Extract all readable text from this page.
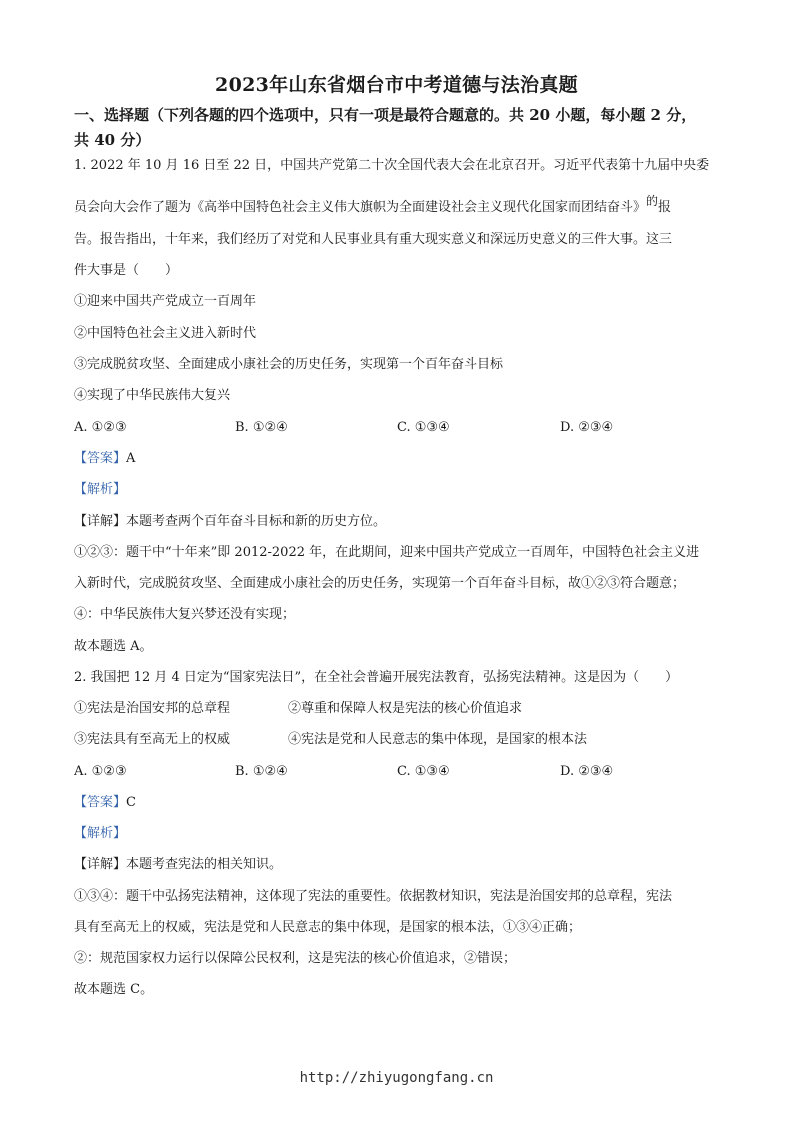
2023年山东省烟台市中考道德与法治真题
一、选择题（下列各题的四个选项中，只有一项是最符合题意的。共 20 小题，每小题 2 分，
共 40 分）
1. 2022 年 10 月 16 日至 22 日，中国共产党第二十次全国代表大会在北京召开。习近平代表第十九届中央委
员会向大会作了题为《高举中国特色社会主义伟大旗帜为全面建设社会主义现代化国家而团结奋斗》的报
告。报告指出，十年来，我们经历了对党和人民事业具有重大现实意义和深远历史意义的三件大事。这三
件大事是（　　）
①迎来中国共产党成立一百周年
②中国特色社会主义进入新时代
③完成脱贫攻坚、全面建成小康社会的历史任务，实现第一个百年奋斗目标
④实现了中华民族伟大复兴
A. ①②③	B. ①②④	C. ①③④	D. ②③④
【答案】A
【解析】
【详解】本题考查两个百年奋斗目标和新的历史方位。
①②③：题干中“十年来”即 2012-2022 年，在此期间，迎来中国共产党成立一百周年，中国特色社会主义进
入新时代，完成脱贫攻坚、全面建成小康社会的历史任务，实现第一个百年奋斗目标，故①②③符合题意；
④：中华民族伟大复兴梦还没有实现；
故本题选 A。
2. 我国把 12 月 4 日定为“国家宪法日”，在全社会普遍开展宪法教育，弘扬宪法精神。这是因为（　　）
①宪法是治国安邦的总章程	②尊重和保障人权是宪法的核心价值追求
③宪法具有至高无上的权威	④宪法是党和人民意志的集中体现，是国家的根本法
A. ①②③	B. ①②④	C. ①③④	D. ②③④
【答案】C
【解析】
【详解】本题考查宪法的相关知识。
①③④：题干中弘扬宪法精神，这体现了宪法的重要性。依据教材知识，宪法是治国安邦的总章程，宪法
具有至高无上的权威，宪法是党和人民意志的集中体现，是国家的根本法，①③④正确；
②：规范国家权力运行以保障公民权利，这是宪法的核心价值追求，②错误；
故本题选 C。
http://zhiyugongfang.cn
